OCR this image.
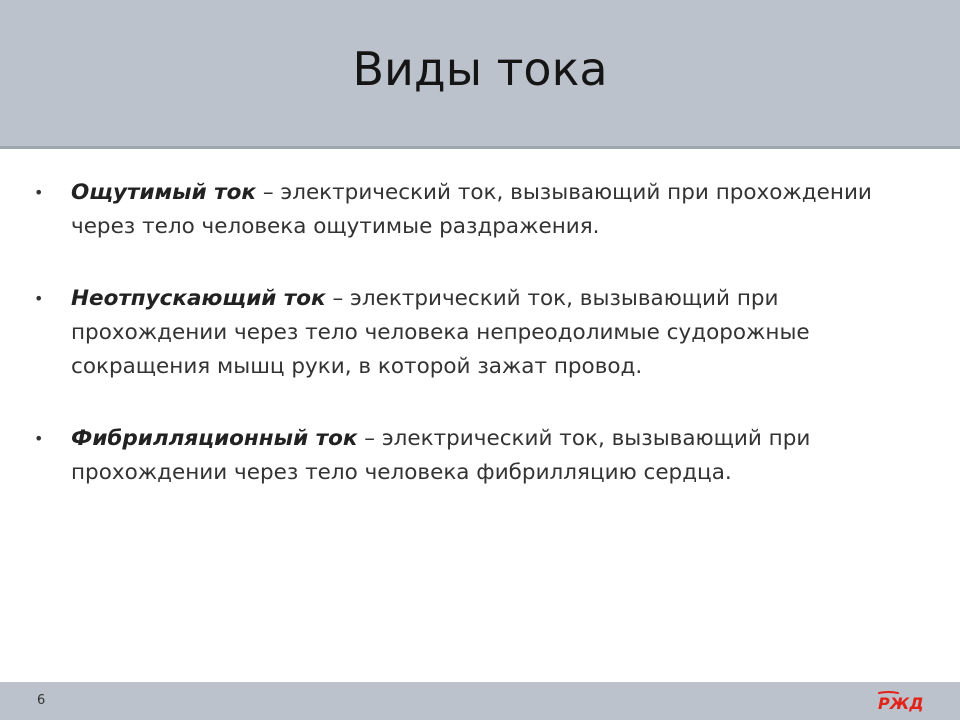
Виды тока
• Ощутимый ток – электрический ток, вызывающий при прохождении через тело человека ощутимые раздражения.
• Неотпускающий ток – электрический ток, вызывающий при прохождении через тело человека непреодолимые судорожные сокращения мышц руки, в которой зажат провод.
• Фибрилляционный ток – электрический ток, вызывающий при прохождении через тело человека фибрилляцию сердца.
6	РЖД
